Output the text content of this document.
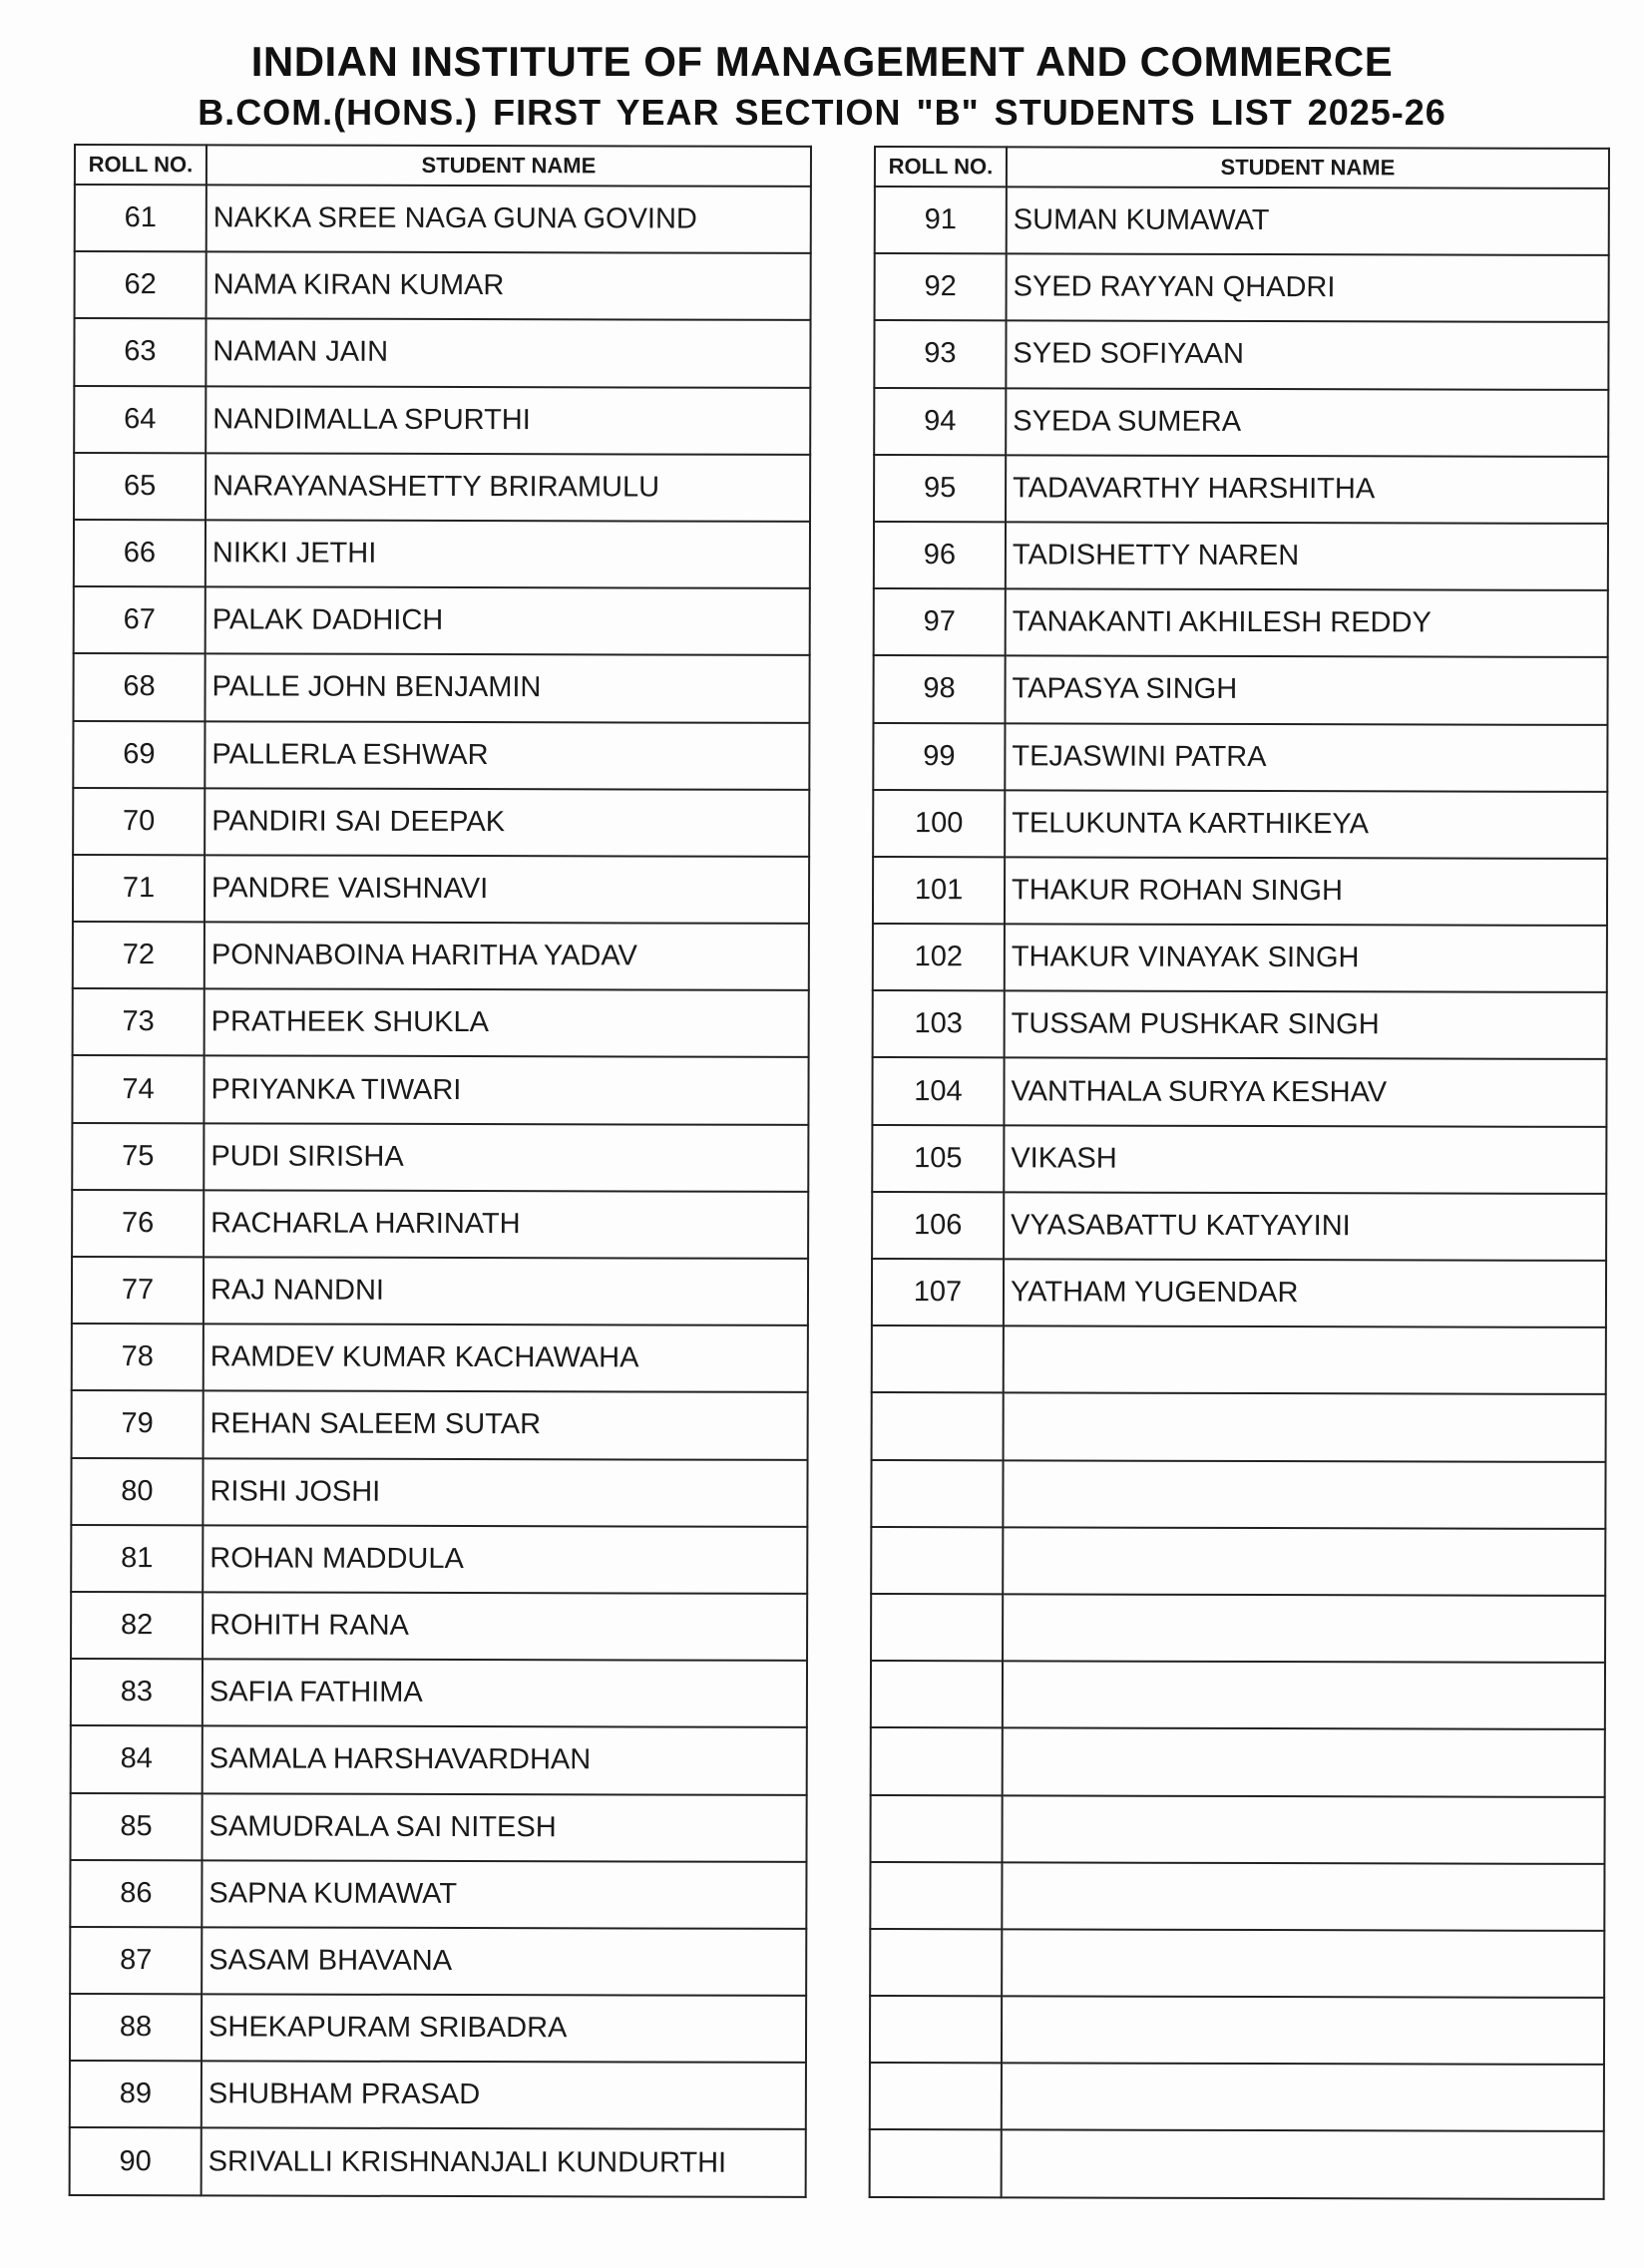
INDIAN INSTITUTE OF MANAGEMENT AND COMMERCE
B.COM.(HONS.) FIRST YEAR SECTION "B" STUDENTS LIST 2025-26
ROLL NO.	STUDENT NAME
61	NAKKA SREE NAGA GUNA GOVIND
62	NAMA KIRAN KUMAR
63	NAMAN JAIN
64	NANDIMALLA SPURTHI
65	NARAYANASHETTY BRIRAMULU
66	NIKKI JETHI
67	PALAK DADHICH
68	PALLE JOHN BENJAMIN
69	PALLERLA ESHWAR
70	PANDIRI SAI DEEPAK
71	PANDRE VAISHNAVI
72	PONNABOINA HARITHA YADAV
73	PRATHEEK SHUKLA
74	PRIYANKA TIWARI
75	PUDI SIRISHA
76	RACHARLA HARINATH
77	RAJ NANDNI
78	RAMDEV KUMAR KACHAWAHA
79	REHAN SALEEM SUTAR
80	RISHI JOSHI
81	ROHAN MADDULA
82	ROHITH RANA
83	SAFIA FATHIMA
84	SAMALA HARSHAVARDHAN
85	SAMUDRALA SAI NITESH
86	SAPNA KUMAWAT
87	SASAM BHAVANA
88	SHEKAPURAM SRIBADRA
89	SHUBHAM PRASAD
90	SRIVALLI KRISHNANJALI KUNDURTHI
ROLL NO.	STUDENT NAME
91	SUMAN KUMAWAT
92	SYED RAYYAN QHADRI
93	SYED SOFIYAAN
94	SYEDA SUMERA
95	TADAVARTHY HARSHITHA
96	TADISHETTY NAREN
97	TANAKANTI AKHILESH REDDY
98	TAPASYA SINGH
99	TEJASWINI PATRA
100	TELUKUNTA KARTHIKEYA
101	THAKUR ROHAN SINGH
102	THAKUR VINAYAK SINGH
103	TUSSAM PUSHKAR SINGH
104	VANTHALA SURYA KESHAV
105	VIKASH
106	VYASABATTU KATYAYINI
107	YATHAM YUGENDAR
